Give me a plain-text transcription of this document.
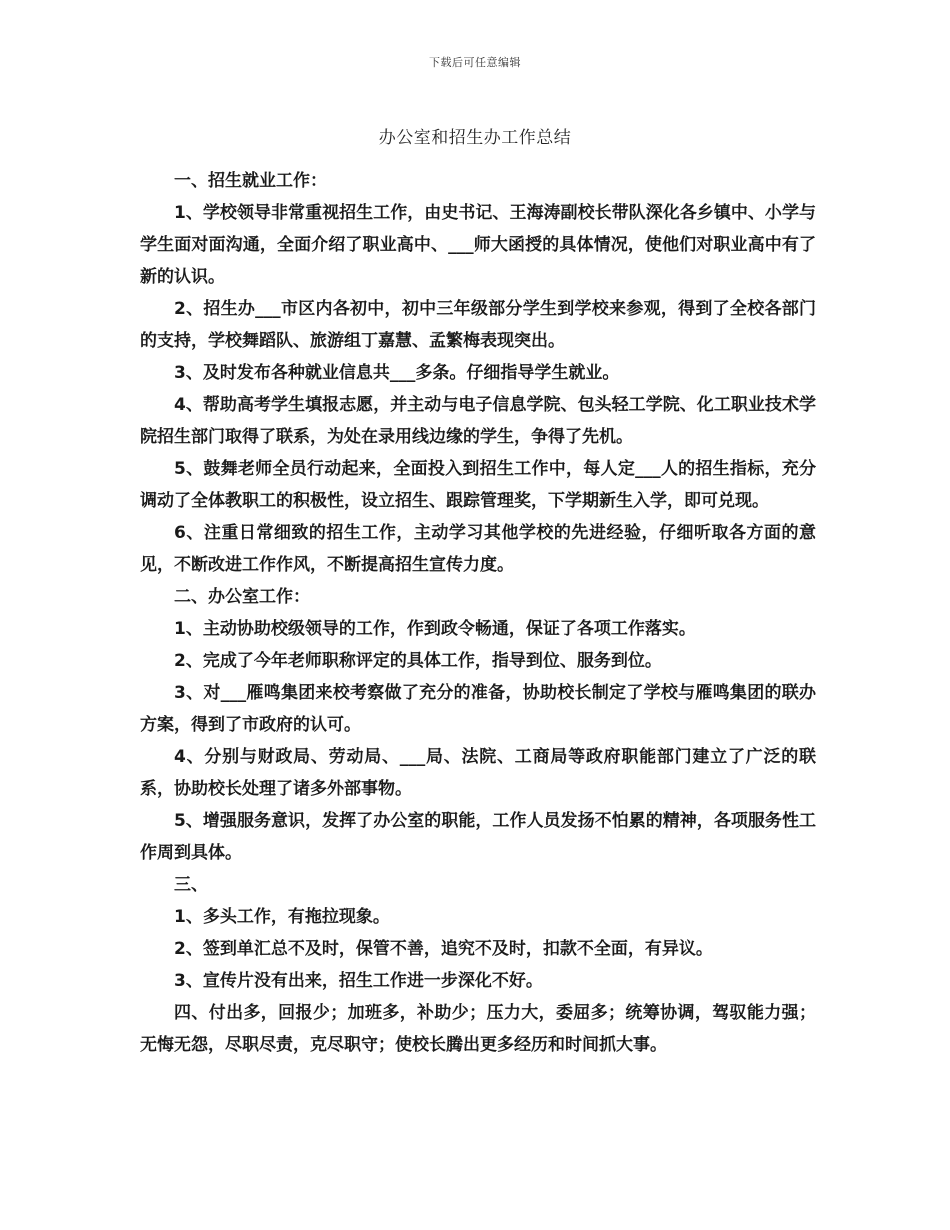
下载后可任意编辑
办公室和招生办工作总结

一、招生就业工作：

1、学校领导非常重视招生工作，由史书记、王海涛副校长带队深化各乡镇中、小学与学生面对面沟通，全面介绍了职业高中、___师大函授的具体情况，使他们对职业高中有了新的认识。

2、招生办___市区内各初中，初中三年级部分学生到学校来参观，得到了全校各部门的支持，学校舞蹈队、旅游组丁嘉慧、孟繁梅表现突出。

3、及时发布各种就业信息共___多条。仔细指导学生就业。

4、帮助高考学生填报志愿，并主动与电子信息学院、包头轻工学院、化工职业技术学院招生部门取得了联系，为处在录用线边缘的学生，争得了先机。

5、鼓舞老师全员行动起来，全面投入到招生工作中，每人定___人的招生指标，充分调动了全体教职工的积极性，设立招生、跟踪管理奖，下学期新生入学，即可兑现。

6、注重日常细致的招生工作，主动学习其他学校的先进经验，仔细听取各方面的意见，不断改进工作作风，不断提高招生宣传力度。

二、办公室工作：

1、主动协助校级领导的工作，作到政令畅通，保证了各项工作落实。

2、完成了今年老师职称评定的具体工作，指导到位、服务到位。

3、对___雁鸣集团来校考察做了充分的准备，协助校长制定了学校与雁鸣集团的联办方案，得到了市政府的认可。

4、分别与财政局、劳动局、___局、法院、工商局等政府职能部门建立了广泛的联系，协助校长处理了诸多外部事物。

5、增强服务意识，发挥了办公室的职能，工作人员发扬不怕累的精神，各项服务性工作周到具体。

三、

1、多头工作，有拖拉现象。

2、签到单汇总不及时，保管不善，追究不及时，扣款不全面，有异议。

3、宣传片没有出来，招生工作进一步深化不好。

四、付出多，回报少；加班多，补助少；压力大，委屈多；统筹协调，驾驭能力强；无悔无怨，尽职尽责，克尽职守；使校长腾出更多经历和时间抓大事。
